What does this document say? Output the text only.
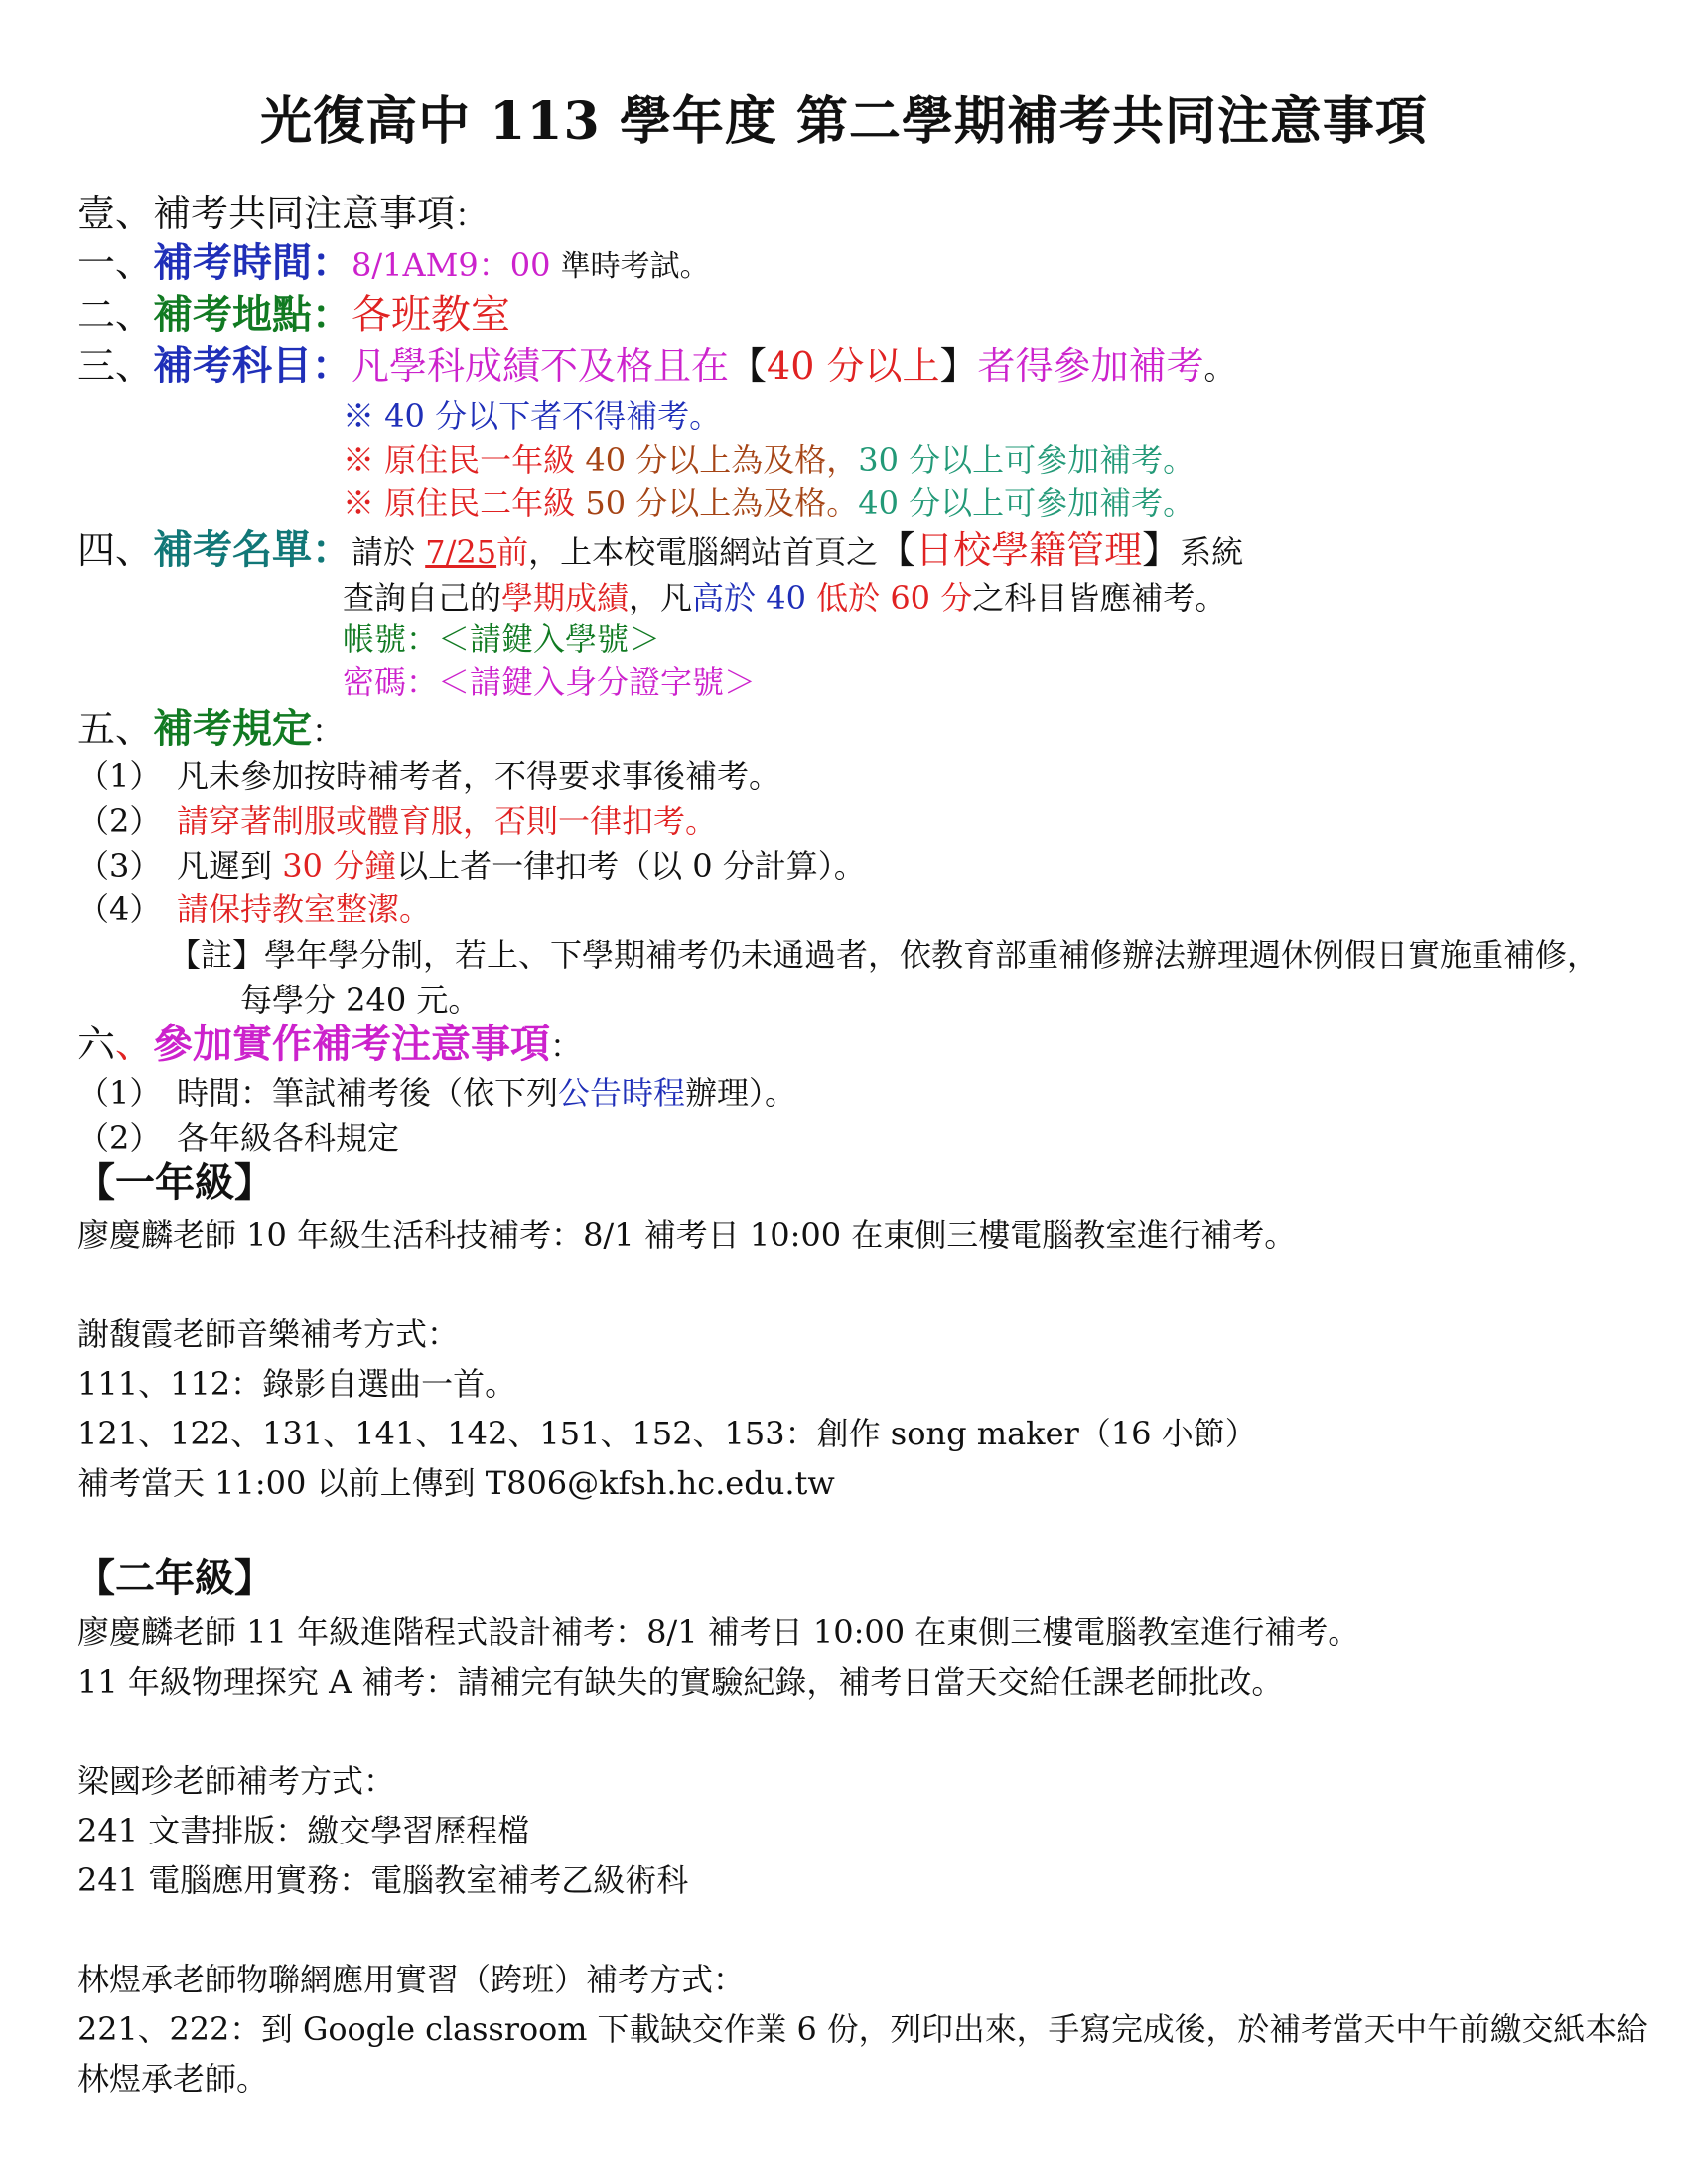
光復高中 113 學年度 第二學期補考共同注意事項
壹、補考共同注意事項：
一、補考時間：8/1AM9：00 準時考試。
二、補考地點：各班教室
三、補考科目：凡學科成績不及格且在【40 分以上】者得參加補考。
※ 40 分以下者不得補考。
※ 原住民一年級 40 分以上為及格，30 分以上可參加補考。
※ 原住民二年級 50 分以上為及格。40 分以上可參加補考。
四、補考名單：請於 7/25前，上本校電腦網站首頁之【日校學籍管理】系統
查詢自己的學期成績，凡高於 40 低於 60 分之科目皆應補考。
帳號：＜請鍵入學號＞
密碼：＜請鍵入身分證字號＞
五、補考規定：
（1） 凡未參加按時補考者，不得要求事後補考。
（2） 請穿著制服或體育服，否則一律扣考。
（3） 凡遲到 30 分鐘以上者一律扣考（以 0 分計算）。
（4） 請保持教室整潔。
【註】學年學分制，若上、下學期補考仍未通過者，依教育部重補修辦法辦理週休例假日實施重補修，
每學分 240 元。
六、參加實作補考注意事項：
（1） 時間：筆試補考後（依下列公告時程辦理）。
（2） 各年級各科規定
【一年級】
廖慶麟老師 10 年級生活科技補考：8/1 補考日 10:00 在東側三樓電腦教室進行補考。
謝馥霞老師音樂補考方式：
111、112：錄影自選曲一首。
121、122、131、141、142、151、152、153：創作 song maker（16 小節）
補考當天 11:00 以前上傳到 T806@kfsh.hc.edu.tw
【二年級】
廖慶麟老師 11 年級進階程式設計補考：8/1 補考日 10:00 在東側三樓電腦教室進行補考。
11 年級物理探究 A 補考：請補完有缺失的實驗紀錄，補考日當天交給任課老師批改。
梁國珍老師補考方式：
241 文書排版：繳交學習歷程檔
241 電腦應用實務：電腦教室補考乙級術科
林煜承老師物聯網應用實習（跨班）補考方式：
221、222：到 Google classroom 下載缺交作業 6 份，列印出來，手寫完成後，於補考當天中午前繳交紙本給
林煜承老師。
